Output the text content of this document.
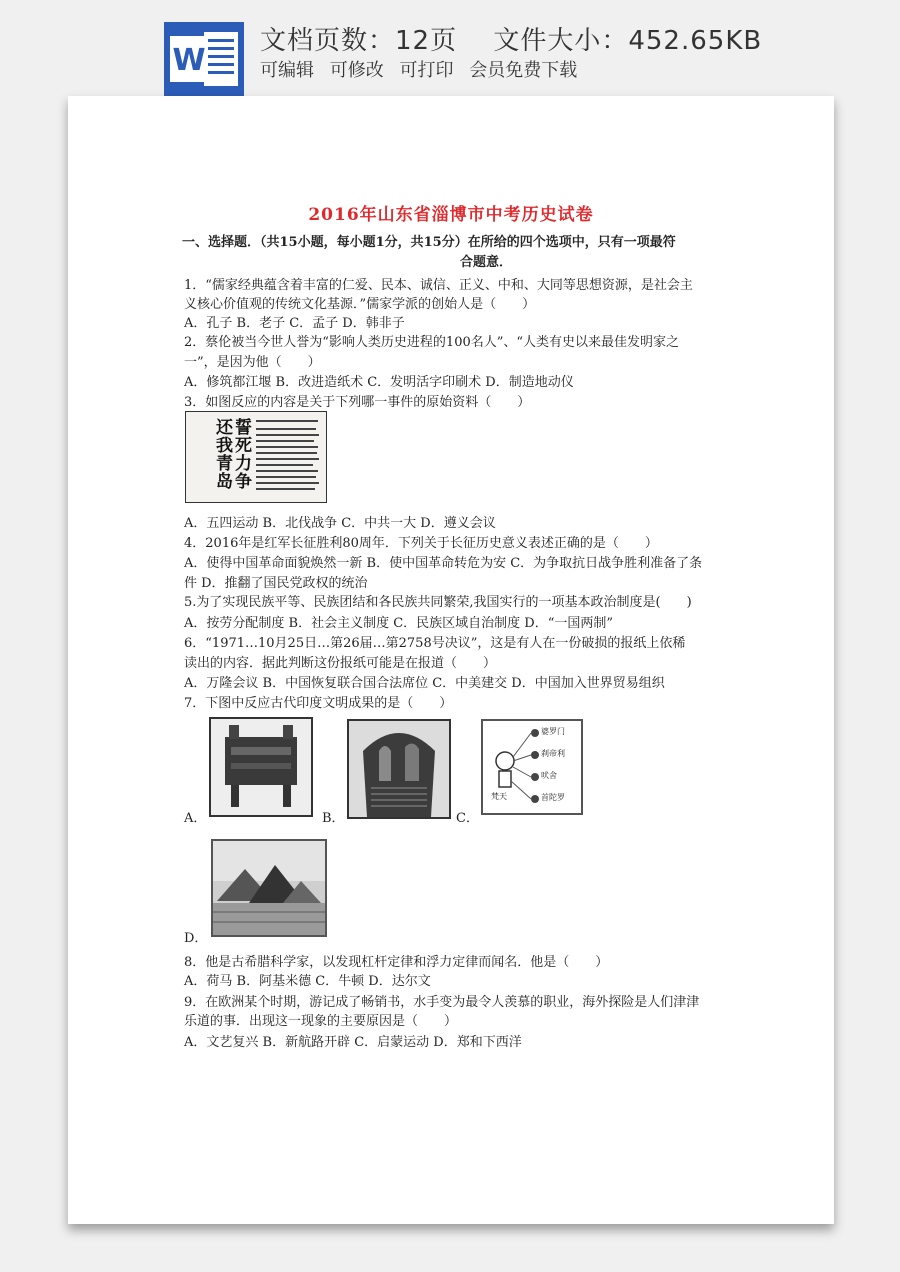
W
文档页数：12页　 文件大小：452.65KB
可编辑 可修改 可打印 会员免费下载
2016年山东省淄博市中考历史试卷
一、选择题．（共15小题，每小题1分，共15分）在所给的四个选项中，只有一项最符
合题意．
1．“儒家经典蕴含着丰富的仁爱、民本、诚信、正义、中和、大同等思想资源，是社会主
义核心价值观的传统文化基源．”儒家学派的创始人是（　　）
A．孔子 B．老子 C．孟子 D．韩非子
2．蔡伦被当今世人誉为“影响人类历史进程的100名人”、“人类有史以来最佳发明家之
一”，是因为他（　　）
A．修筑都江堰 B．改进造纸术 C．发明活字印刷术 D．制造地动仪
3．如图反应的内容是关于下列哪一事件的原始资料（　　）
誓死力争还我青岛
A．五四运动 B．北伐战争 C．中共一大 D．遵义会议
4．2016年是红军长征胜利80周年．下列关于长征历史意义表述正确的是（　　）
A．使得中国革命面貌焕然一新 B．使中国革命转危为安 C．为争取抗日战争胜利准备了条
件 D．推翻了国民党政权的统治
5.为了实现民族平等、民族团结和各民族共同繁荣,我国实行的一项基本政治制度是(　　)
A．按劳分配制度 B．社会主义制度 C．民族区域自治制度 D．“一国两制”
6．“1971…10月25日…第26届…第2758号决议”，这是有人在一份破损的报纸上依稀
读出的内容．据此判断这份报纸可能是在报道（　　）
A．万隆会议 B．中国恢复联合国合法席位 C．中美建交 D．中国加入世界贸易组织
7．下图中反应古代印度文明成果的是（　　）
A．	B．
婆罗门
刹帝利
吠舍
首陀罗
梵天
C．
D．
8．他是古希腊科学家，以发现杠杆定律和浮力定律而闻名．他是（　　）
A．荷马 B．阿基米德 C．牛顿 D．达尔文
9．在欧洲某个时期，游记成了畅销书，水手变为最令人羡慕的职业，海外探险是人们津津
乐道的事．出现这一现象的主要原因是（　　）
A．文艺复兴 B．新航路开辟 C．启蒙运动 D．郑和下西洋
